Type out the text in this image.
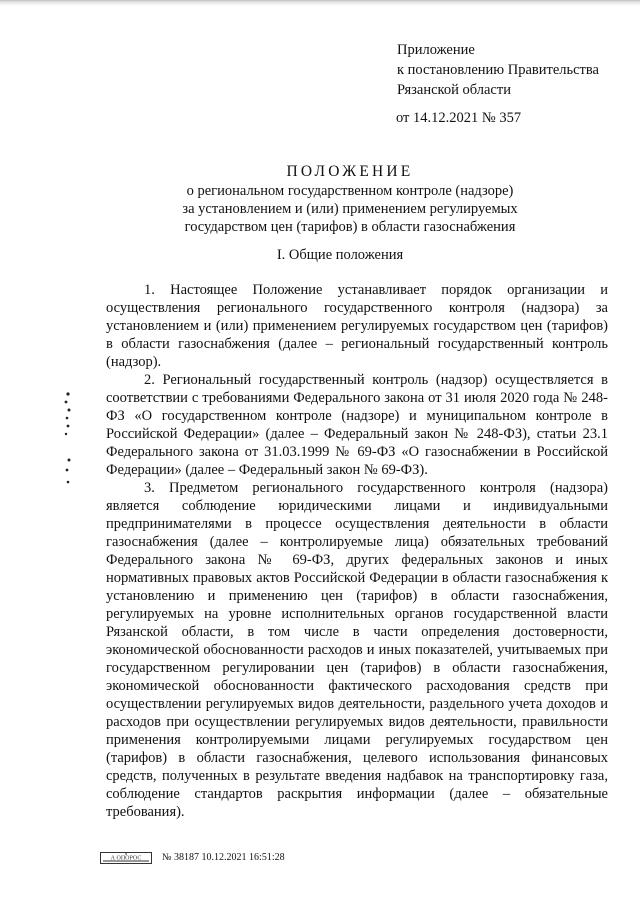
Приложение
к постановлению Правительства
Рязанской области
от 14.12.2021 № 357
ПОЛОЖЕНИЕ
о региональном государственном контроле (надзоре)
за установлением и (или) применением регулируемых
государством цен (тарифов) в области газоснабжения
I. Общие положения

1. Настоящее Положение устанавливает порядок организации и осуществления регионального государственного контроля (надзора) за установлением и (или) применением регулируемых государством цен (тарифов) в области газоснабжения (далее – региональный государственный контроль (надзор).

2. Региональный государственный контроль (надзор) осуществляется в соответствии с требованиями Федерального закона от 31 июля 2020 года № 248-ФЗ «О государственном контроле (надзоре) и муниципальном контроле в Российской Федерации» (далее – Федеральный закон № 248-ФЗ), статьи 23.1 Федерального закона от 31.03.1999 № 69-ФЗ «О газоснабжении в Российской Федерации» (далее – Федеральный закон № 69-ФЗ).

3. Предметом регионального государственного контроля (надзора) является соблюдение юридическими лицами и индивидуальными предпринимателями в процессе осуществления деятельности в области газоснабжения (далее – контролируемые лица) обязательных требований Федерального закона № 69-ФЗ, других федеральных законов и иных нормативных правовых актов Российской Федерации в области газоснабжения к установлению и применению цен (тарифов) в области газоснабжения, регулируемых на уровне исполнительных органов государственной власти Рязанской области, в том числе в части определения достоверности, экономической обоснованности расходов и иных показателей, учитываемых при государственном регулировании цен (тарифов) в области газоснабжения, экономической обоснованности фактического расходования средств при осуществлении регулируемых видов деятельности, раздельного учета доходов и расходов при осуществлении регулируемых видов деятельности, правильности применения контролируемыми лицами регулируемых государством цен (тарифов) в области газоснабжения, целевого использования финансовых средств, полученных в результате введения надбавок на транспортировку газа, соблюдение стандартов раскрытия информации (далее – обязательные требования).

А ОПОРОС № 38187 10.12.2021 16:51:28
